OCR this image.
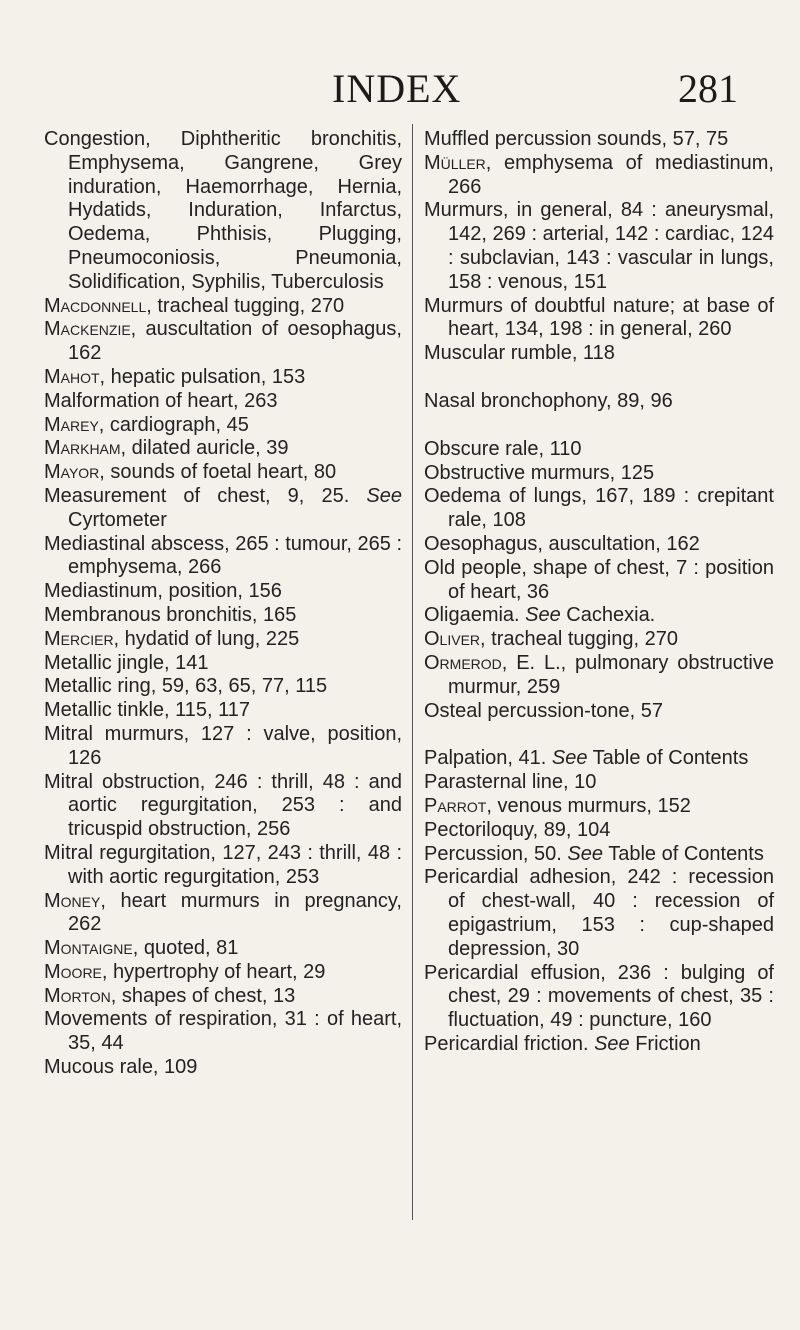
INDEX	281

Congestion, Diphtheritic bronchitis, Emphysema, Gangrene, Grey induration, Haemorrhage, Hernia, Hydatids, Induration, Infarctus, Oedema, Phthisis, Plugging, Pneumoconiosis, Pneumonia, Solidification, Syphilis, Tuberculosis

Macdonnell, tracheal tugging, 270

Mackenzie, auscultation of oesophagus, 162

Mahot, hepatic pulsation, 153

Malformation of heart, 263

Marey, cardiograph, 45

Markham, dilated auricle, 39

Mayor, sounds of foetal heart, 80

Measurement of chest, 9, 25. See Cyrtometer

Mediastinal abscess, 265 : tumour, 265 : emphysema, 266

Mediastinum, position, 156

Membranous bronchitis, 165

Mercier, hydatid of lung, 225

Metallic jingle, 141

Metallic ring, 59, 63, 65, 77, 115

Metallic tinkle, 115, 117

Mitral murmurs, 127 : valve, position, 126

Mitral obstruction, 246 : thrill, 48 : and aortic regurgitation, 253 : and tricuspid obstruction, 256

Mitral regurgitation, 127, 243 : thrill, 48 : with aortic regurgitation, 253

Money, heart murmurs in pregnancy, 262

Montaigne, quoted, 81

Moore, hypertrophy of heart, 29

Morton, shapes of chest, 13

Movements of respiration, 31 : of heart, 35, 44

Mucous rale, 109

Muffled percussion sounds, 57, 75

Müller, emphysema of mediastinum, 266

Murmurs, in general, 84 : aneurysmal, 142, 269 : arterial, 142 : cardiac, 124 : subclavian, 143 : vascular in lungs, 158 : venous, 151

Murmurs of doubtful nature; at base of heart, 134, 198 : in general, 260

Muscular rumble, 118

Nasal bronchophony, 89, 96

Obscure rale, 110

Obstructive murmurs, 125

Oedema of lungs, 167, 189 : crepitant rale, 108

Oesophagus, auscultation, 162

Old people, shape of chest, 7 : position of heart, 36

Oligaemia. See Cachexia.

Oliver, tracheal tugging, 270

Ormerod, E. L., pulmonary obstructive murmur, 259

Osteal percussion-tone, 57

Palpation, 41. See Table of Contents

Parasternal line, 10

Parrot, venous murmurs, 152

Pectoriloquy, 89, 104

Percussion, 50. See Table of Contents

Pericardial adhesion, 242 : recession of chest-wall, 40 : recession of epigastrium, 153 : cup-shaped depression, 30

Pericardial effusion, 236 : bulging of chest, 29 : movements of chest, 35 : fluctuation, 49 : puncture, 160

Pericardial friction. See Friction
